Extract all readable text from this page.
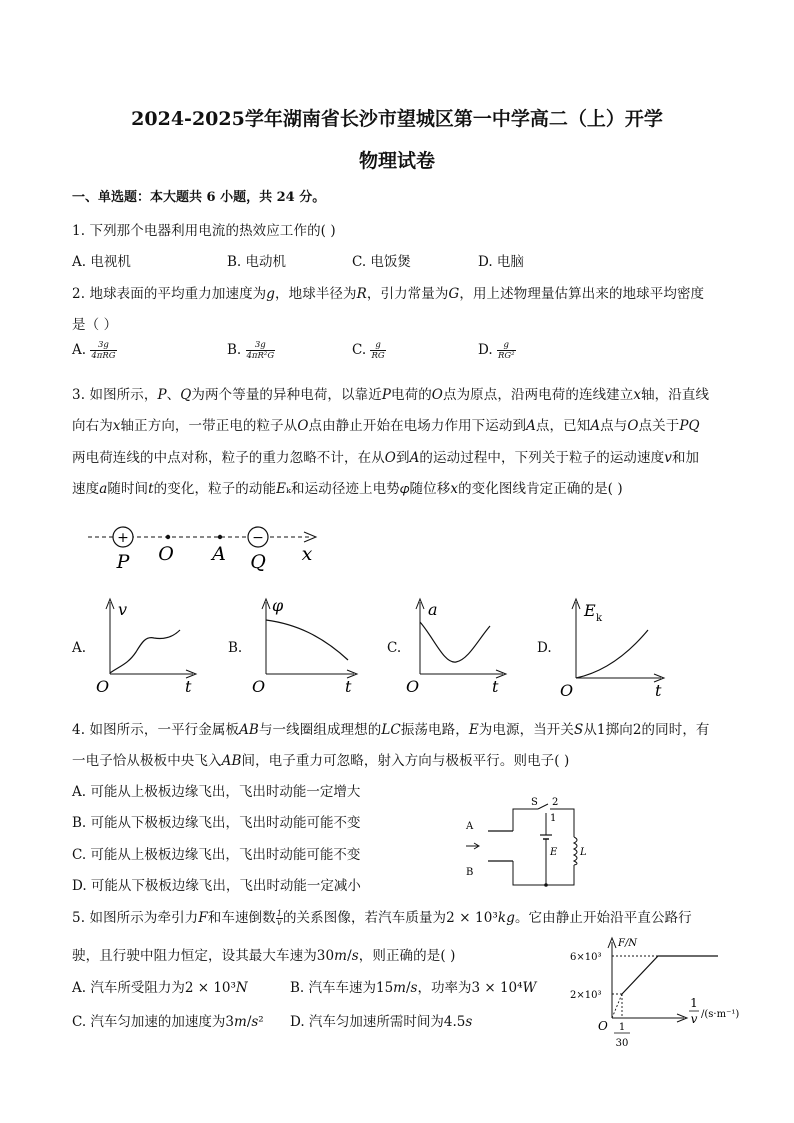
2024-2025学年湖南省长沙市望城区第一中学高二（上）开学
物理试卷
一、单选题：本大题共 6 小题，共 24 分。
1. 下列那个电器利用电流的热效应工作的( )
A. 电视机	B. 电动机	C. 电饭煲	D. 电脑
2. 地球表面的平均重力加速度为𝑔，地球半径为𝑅，引力常量为𝐺，用上述物理量估算出来的地球平均密度
是（ ）
A. $\frac{3g}{\text{4πRG}}$	B. $\frac{3g}{\text{4πR²G}}$	C. $\frac{g}{RG}$	D. $\frac{g}{\text{RG²}}$
3. 如图所示，𝑃、𝑄为两个等量的异种电荷，以靠近𝑃电荷的𝑂点为原点，沿两电荷的连线建立𝑥轴，沿直线
向右为𝑥轴正方向，一带正电的粒子从𝑂点由静止开始在电场力作用下运动到𝐴点，已知𝐴点与𝑂点关于𝑃𝑄
两电荷连线的中点对称，粒子的重力忽略不计，在从𝑂到𝐴的运动过程中，下列关于粒子的运动速度𝑣和加
速度𝑎随时间𝑡的变化，粒子的动能𝐸ₖ和运动径迹上电势𝜑随位移𝑥的变化图线肯定正确的是( )
+	−
P O A Q x
A.
v
t
O
B.
φ
t
O
C.
a
t
O
D.
E k
t
O
4. 如图所示，一平行金属板𝐴𝐵与一线圈组成理想的𝐿𝐶振荡电路，𝐸为电源，当开关𝑆从1掷向2的同时，有
一电子恰从极板中央飞入𝐴𝐵间，电子重力可忽略，射入方向与极板平行。则电子( )
A. 可能从上极板边缘飞出，飞出时动能一定增大
B. 可能从下极板边缘飞出，飞出时动能可能不变
C. 可能从上极板边缘飞出，飞出时动能可能不变
D. 可能从下极板边缘飞出，飞出时动能一定减小
A
B
S 2
1
E L
5. 如图所示为牵引力𝐹和车速倒数 $\frac{1}{v}$ 的关系图像，若汽车质量为2 × 10³𝑘𝑔。它由静止开始沿平直公路行
驶，且行驶中阻力恒定，设其最大车速为30𝑚/𝑠，则正确的是( )
A. 汽车所受阻力为2 × 10³𝑁	B. 汽车车速为15𝑚/𝑠，功率为3 × 10⁴𝑊
C. 汽车匀加速的加速度为3𝑚/𝑠² D. 汽车匀加速所需时间为4.5𝑠
F/N
6×10³
2×10³
O 1
30
1
v /(s·m⁻¹)
